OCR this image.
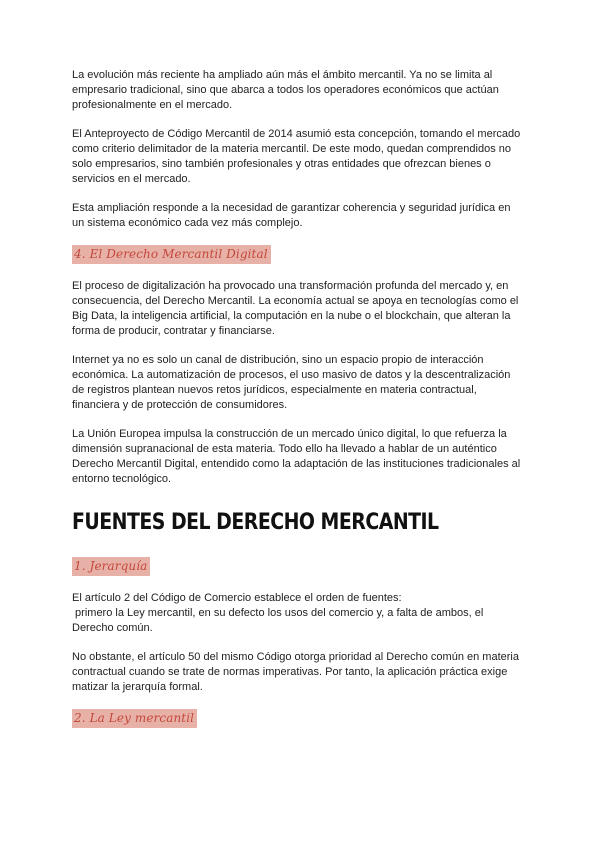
La evolución más reciente ha ampliado aún más el ámbito mercantil. Ya no se limita al
empresario tradicional, sino que abarca a todos los operadores económicos que actúan
profesionalmente en el mercado.

El Anteproyecto de Código Mercantil de 2014 asumió esta concepción, tomando el mercado
como criterio delimitador de la materia mercantil. De este modo, quedan comprendidos no
solo empresarios, sino también profesionales y otras entidades que ofrezcan bienes o
servicios en el mercado.

Esta ampliación responde a la necesidad de garantizar coherencia y seguridad jurídica en
un sistema económico cada vez más complejo.

4. El Derecho Mercantil Digital

El proceso de digitalización ha provocado una transformación profunda del mercado y, en
consecuencia, del Derecho Mercantil. La economía actual se apoya en tecnologías como el
Big Data, la inteligencia artificial, la computación en la nube o el blockchain, que alteran la
forma de producir, contratar y financiarse.

Internet ya no es solo un canal de distribución, sino un espacio propio de interacción
económica. La automatización de procesos, el uso masivo de datos y la descentralización
de registros plantean nuevos retos jurídicos, especialmente en materia contractual,
financiera y de protección de consumidores.

La Unión Europea impulsa la construcción de un mercado único digital, lo que refuerza la
dimensión supranacional de esta materia. Todo ello ha llevado a hablar de un auténtico
Derecho Mercantil Digital, entendido como la adaptación de las instituciones tradicionales al
entorno tecnológico.

FUENTES DEL DERECHO MERCANTIL
1. Jerarquía

El artículo 2 del Código de Comercio establece el orden de fuentes:
primero la Ley mercantil, en su defecto los usos del comercio y, a falta de ambos, el
Derecho común.

No obstante, el artículo 50 del mismo Código otorga prioridad al Derecho común en materia
contractual cuando se trate de normas imperativas. Por tanto, la aplicación práctica exige
matizar la jerarquía formal.

2. La Ley mercantil
